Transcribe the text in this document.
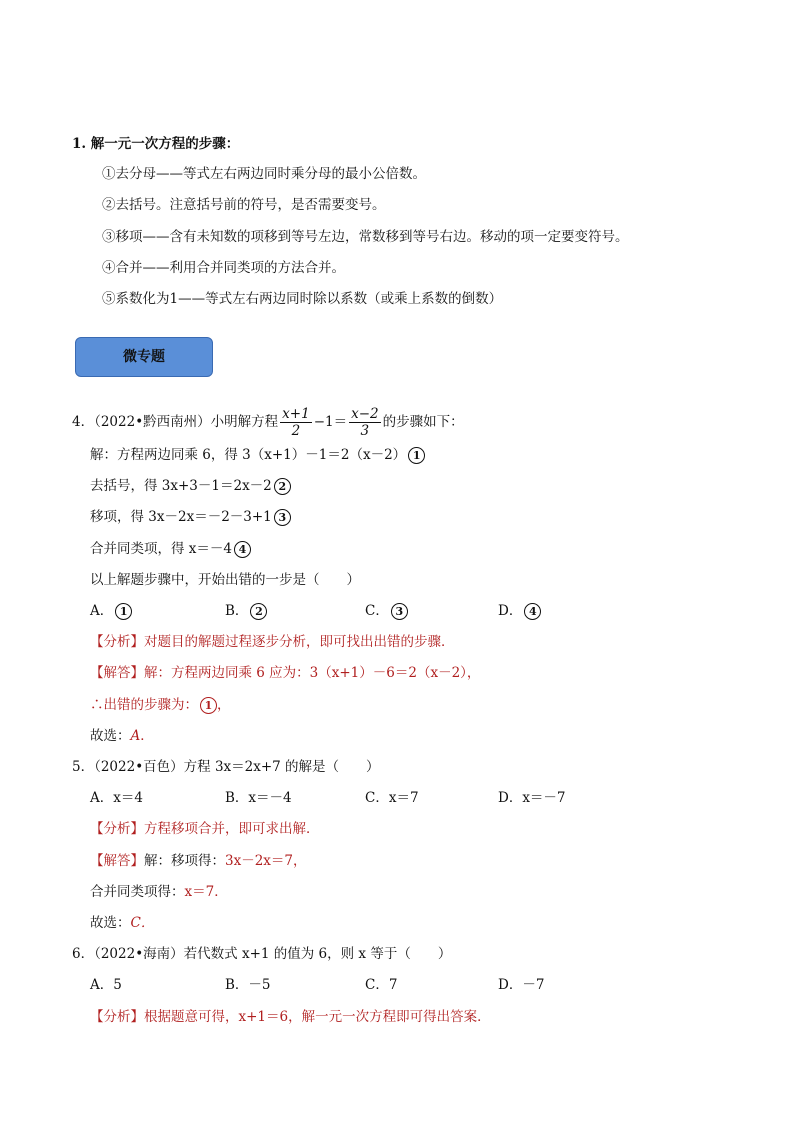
1. 解一元一次方程的步骤：
①去分母——等式左右两边同时乘分母的最小公倍数。
②去括号。注意括号前的符号，是否需要变号。
③移项——含有未知数的项移到等号左边，常数移到等号右边。移动的项一定要变符号。
④合并——利用合并同类项的方法合并。
⑤系数化为1——等式左右两边同时除以系数（或乘上系数的倒数）
微专题
4．（2022•黔西南州）小明解方程 $\frac{x+1}{2} -1= \frac{x-2}{3}$ 的步骤如下：
解：方程两边同乘 6，得 3（x+1）－1＝2（x－2） 1
去括号，得 3x+3－1＝2x－2 2
移项，得 3x－2x＝－2－3+1 3
合并同类项，得 x＝－4 4
以上解题步骤中，开始出错的一步是（　　）
A． 1	B． 2	C． 3	D． 4
【分析】对题目的解题过程逐步分析，即可找出出错的步骤．
【解答】解：方程两边同乘 6 应为：3（x+1）－6＝2（x－2），
∴出错的步骤为： 1 ，
故选：A．
5．（2022•百色）方程 3x＝2x+7 的解是（　　）
A．x＝4	B．x＝－4	C．x＝7	D．x＝－7
【分析】方程移项合并，即可求出解．
【解答】解：移项得：3x－2x＝7，
合并同类项得：x＝7．
故选：C．
6．（2022•海南）若代数式 x+1 的值为 6，则 x 等于（　　）
A．5	B．－5	C．7	D．－7
【分析】根据题意可得，x+1＝6，解一元一次方程即可得出答案．
